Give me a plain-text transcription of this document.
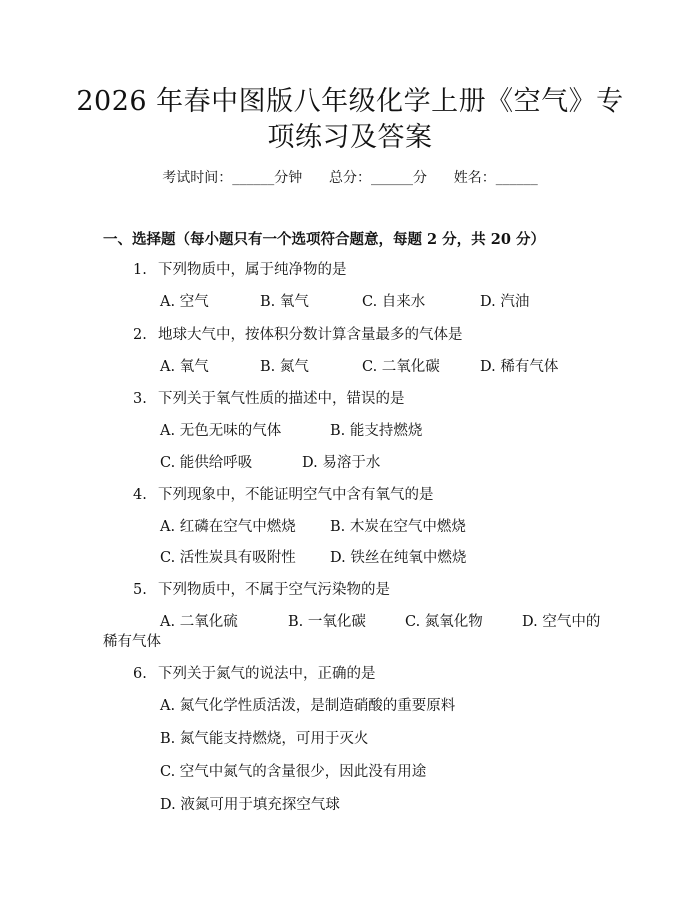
2026 年春中图版八年级化学上册《空气》专
项练习及答案
考试时间：______分钟 总分：______分 姓名：______
一、选择题（每小题只有一个选项符合题意，每题 2 分，共 20 分）
1. 下列物质中，属于纯净物的是
A. 空气	B. 氧气	C. 自来水	D. 汽油
2. 地球大气中，按体积分数计算含量最多的气体是
A. 氧气	B. 氮气	C. 二氧化碳	D. 稀有气体
3. 下列关于氧气性质的描述中，错误的是
A. 无色无味的气体	B. 能支持燃烧
C. 能供给呼吸	D. 易溶于水
4. 下列现象中，不能证明空气中含有氧气的是
A. 红磷在空气中燃烧 B. 木炭在空气中燃烧
C. 活性炭具有吸附性 D. 铁丝在纯氧中燃烧
5. 下列物质中，不属于空气污染物的是
A. 二氧化硫	B. 一氧化碳	C. 氮氧化物	D. 空气中的
稀有气体
6. 下列关于氮气的说法中，正确的是
A. 氮气化学性质活泼，是制造硝酸的重要原料
B. 氮气能支持燃烧，可用于灭火
C. 空气中氮气的含量很少，因此没有用途
D. 液氮可用于填充探空气球
